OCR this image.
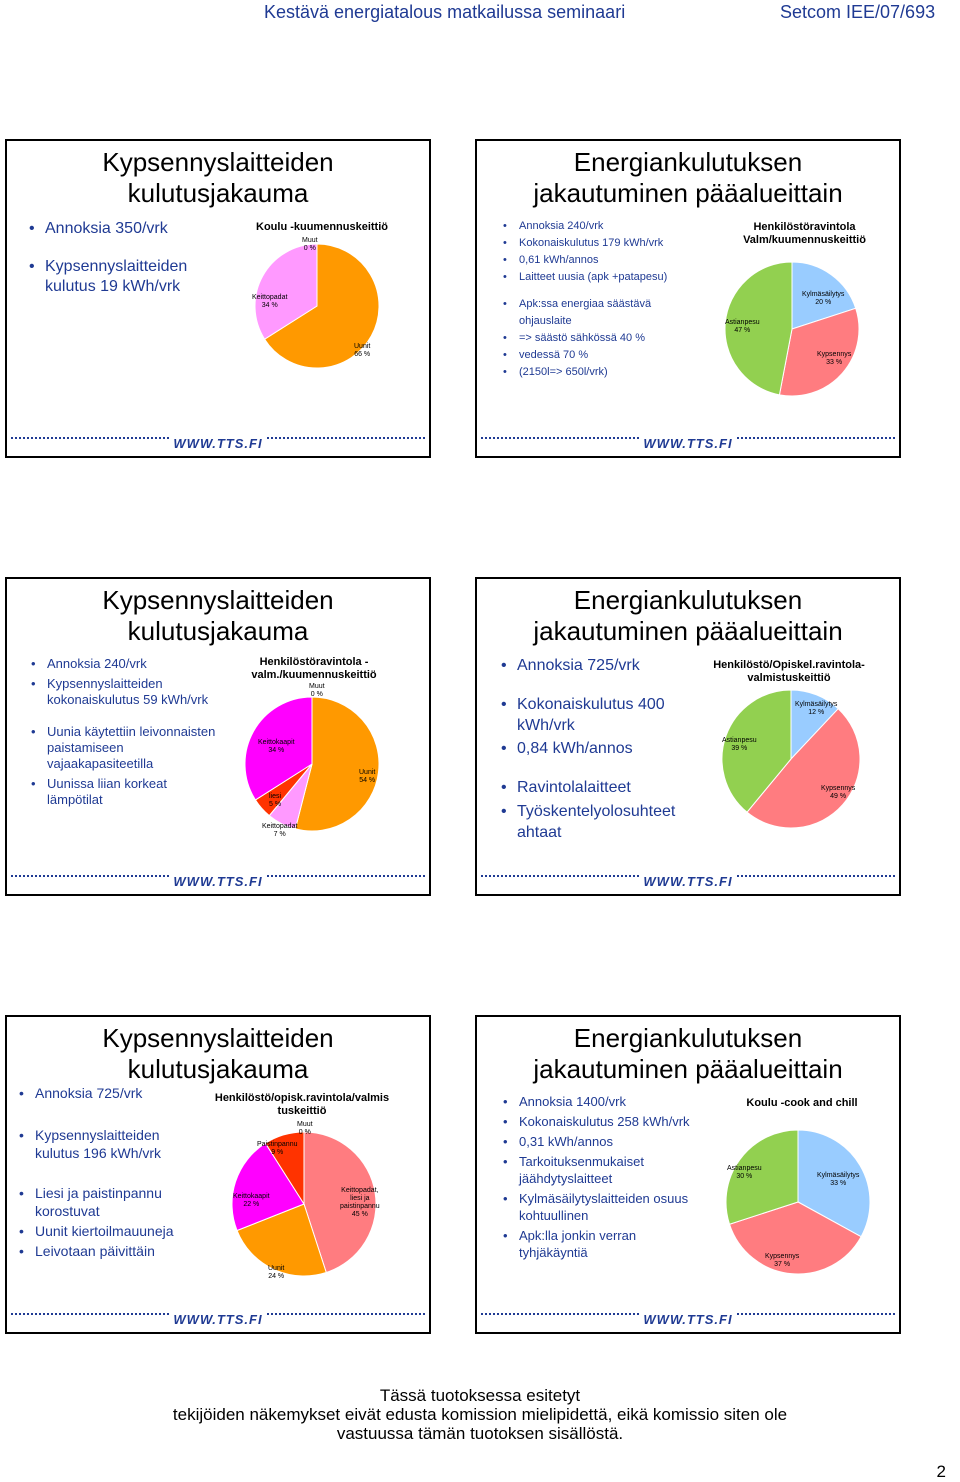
Kestävä energiatalous matkailussa seminaari	Setcom IEE/07/693
Kypsennyslaitteiden
kulutusjakauma
• Annoksia 350/vrk
• Kypsennyslaitteiden kulutus 19 kWh/vrk
Koulu -kuumennuskeittiö
Muut
0 %
Uunit
66 %
Keittopadat
34 %
WWW.TTS.FI
Energiankulutuksen
jakautuminen pääalueittain
• Annoksia 240/vrk
• Kokonaiskulutus 179 kWh/vrk
• 0,61 kWh/annos
• Laitteet uusia (apk +patapesu)
• Apk:ssa energiaa säästävä ohjauslaite
• => säästö sähkössä 40 %
• vedessä 70 %
• (2150l=> 650l/vrk)
Henkilöstöravintola Valm/kuumennuskeittiö
Kylmäsäilytys
20 %
Kypsennys
33 %
Astianpesu
47 %
WWW.TTS.FI
Kypsennyslaitteiden
kulutusjakauma
• Annoksia 240/vrk
• Kypsennyslaitteiden kokonaiskulutus 59 kWh/vrk
• Uunia käytettiin leivonnaisten paistamiseen vajaakapasiteetilla
• Uunissa liian korkeat lämpötilat
Henkilöstöravintola - valm./kuumennuskeittiö
Muut
0 %
Uunit
54 %
Keittopadat
7 %
liesi
5 %
Keittokaapit
34 %
WWW.TTS.FI
Energiankulutuksen
jakautuminen pääalueittain
• Annoksia 725/vrk
• Kokonaiskulutus 400 kWh/vrk
• 0,84 kWh/annos
• Ravintolalaitteet
• Työskentelyolosuhteet ahtaat
Henkilöstö/Opiskel.ravintola-valmistuskeittiö
Kylmäsäilytys
12 %
Kypsennys
49 %
Astianpesu
39 %
WWW.TTS.FI
Kypsennyslaitteiden
kulutusjakauma
• Annoksia 725/vrk
• Kypsennyslaitteiden kulutus 196 kWh/vrk
• Liesi ja paistinpannu korostuvat
• Uunit kiertoilmauuneja
• Leivotaan päivittäin
Henkilöstö/opisk.ravintola/valmis tuskeittiö
Muut
0 %
Keittopadat,
liesi ja
paistinpannu
45 %
Uunit
24 %
Keittokaapit
22 %
Paistinpannu
9 %
WWW.TTS.FI
Energiankulutuksen
jakautuminen pääalueittain
• Annoksia 1400/vrk
• Kokonaiskulutus 258 kWh/vrk
• 0,31 kWh/annos
• Tarkoituksenmukaiset jäähdytyslaitteet
• Kylmäsäilytyslaitteiden osuus kohtuullinen
• Apk:lla jonkin verran tyhjäkäyntiä
Koulu -cook and chill
Kylmäsäilytys
33 %
Kypsennys
37 %
Astianpesu
30 %
WWW.TTS.FI
Tässä tuotoksessa esitetyt
tekijöiden näkemykset eivät edusta komission mielipidettä, eikä komissio siten ole
vastuussa tämän tuotoksen sisällöstä.
2
